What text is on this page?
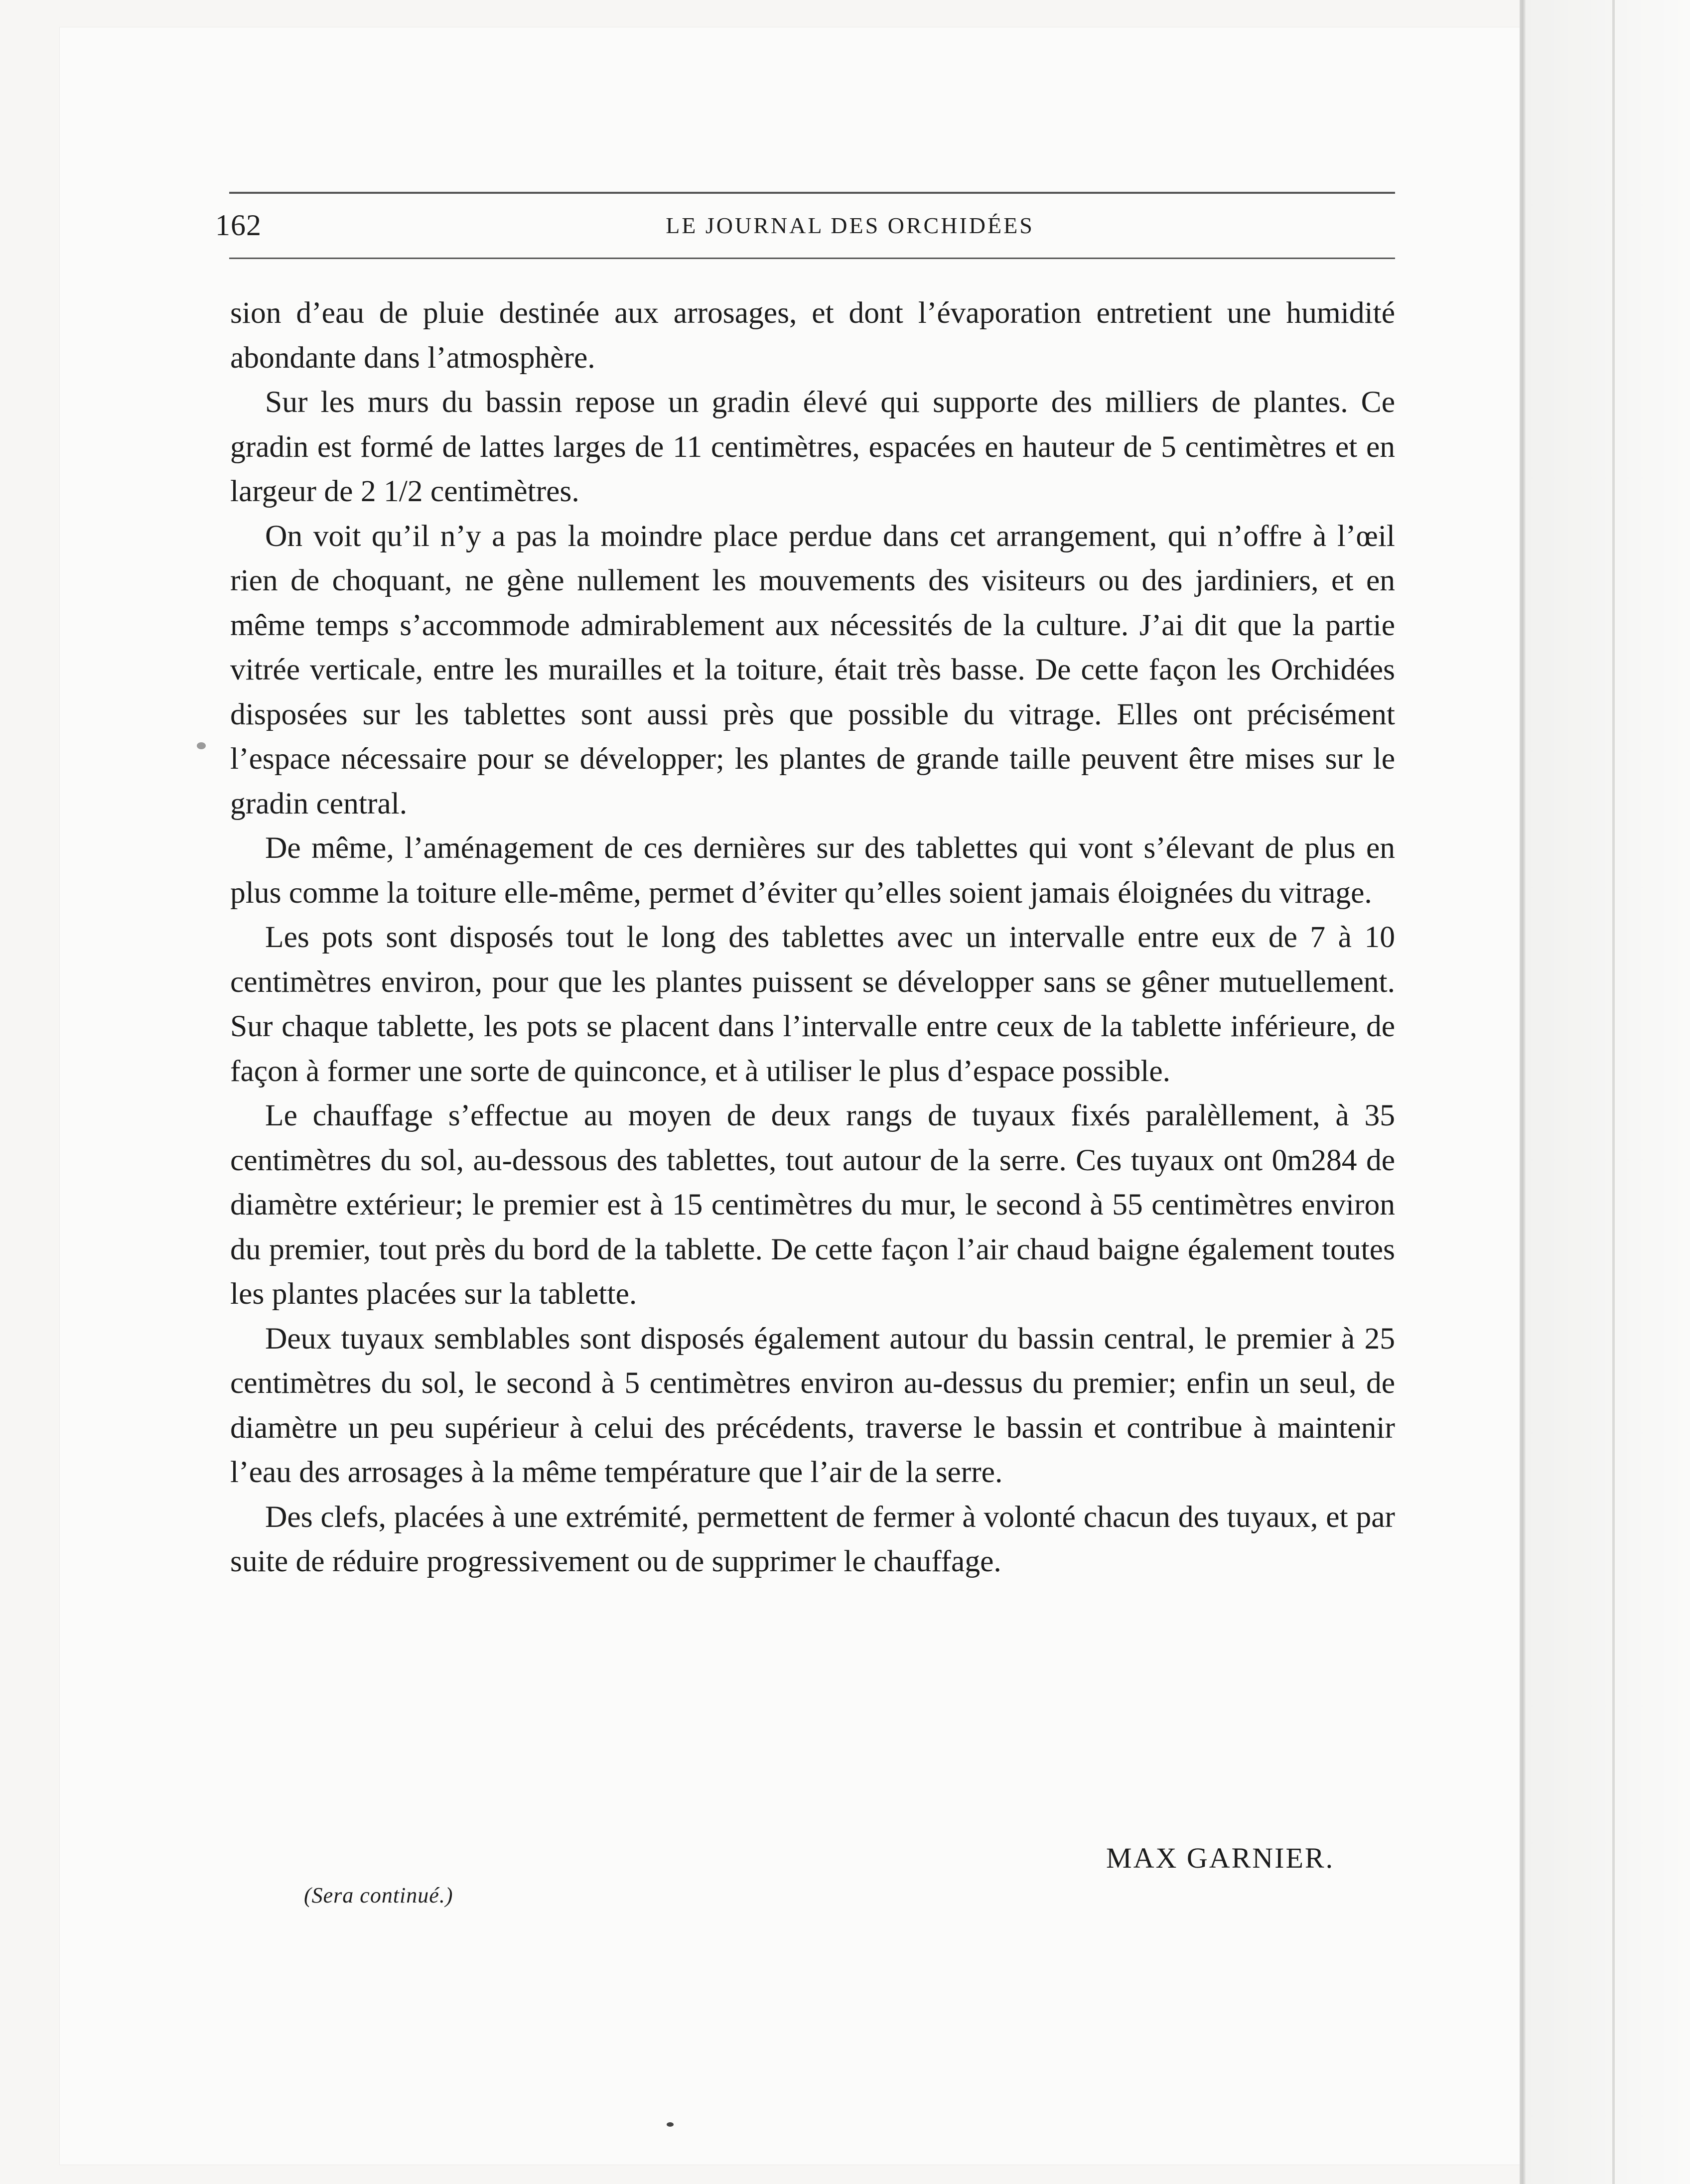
162	LE JOURNAL DES ORCHIDÉES

sion d’eau de pluie destinée aux arrosages, et dont l’évaporation entretient une humidité abondante dans l’atmosphère.

Sur les murs du bassin repose un gradin élevé qui supporte des milliers de plantes. Ce gradin est formé de lattes larges de 11 centimètres, espacées en hauteur de 5 centimètres et en largeur de 2 1/2 centimètres.

On voit qu’il n’y a pas la moindre place perdue dans cet arrangement, qui n’offre à l’œil rien de choquant, ne gène nullement les mouvements des visiteurs ou des jardiniers, et en même temps s’accommode admirablement aux nécessités de la culture. J’ai dit que la partie vitrée verticale, entre les murailles et la toiture, était très basse. De cette façon les Orchidées disposées sur les tablettes sont aussi près que possible du vitrage. Elles ont précisément l’espace nécessaire pour se développer; les plantes de grande taille peuvent être mises sur le gradin central.

De même, l’aménagement de ces dernières sur des tablettes qui vont s’élevant de plus en plus comme la toiture elle-même, permet d’éviter qu’elles soient jamais éloignées du vitrage.

Les pots sont disposés tout le long des tablettes avec un intervalle entre eux de 7 à 10 centimètres environ, pour que les plantes puissent se développer sans se gêner mutuellement. Sur chaque tablette, les pots se placent dans l’intervalle entre ceux de la tablette inférieure, de façon à former une sorte de quinconce, et à utiliser le plus d’espace possible.

Le chauffage s’effectue au moyen de deux rangs de tuyaux fixés paralèllement, à 35 centimètres du sol, au-dessous des tablettes, tout autour de la serre. Ces tuyaux ont 0m284 de diamètre extérieur; le premier est à 15 centimètres du mur, le second à 55 centimètres environ du premier, tout près du bord de la tablette. De cette façon l’air chaud baigne également toutes les plantes placées sur la tablette.

Deux tuyaux semblables sont disposés également autour du bassin central, le premier à 25 centimètres du sol, le second à 5 centimètres environ au-dessus du premier; enfin un seul, de diamètre un peu supérieur à celui des précédents, traverse le bassin et contribue à maintenir l’eau des arrosages à la même température que l’air de la serre.

Des clefs, placées à une extrémité, permettent de fermer à volonté chacun des tuyaux, et par suite de réduire progressivement ou de supprimer le chauffage.

MAX GARNIER.
(Sera continué.)
